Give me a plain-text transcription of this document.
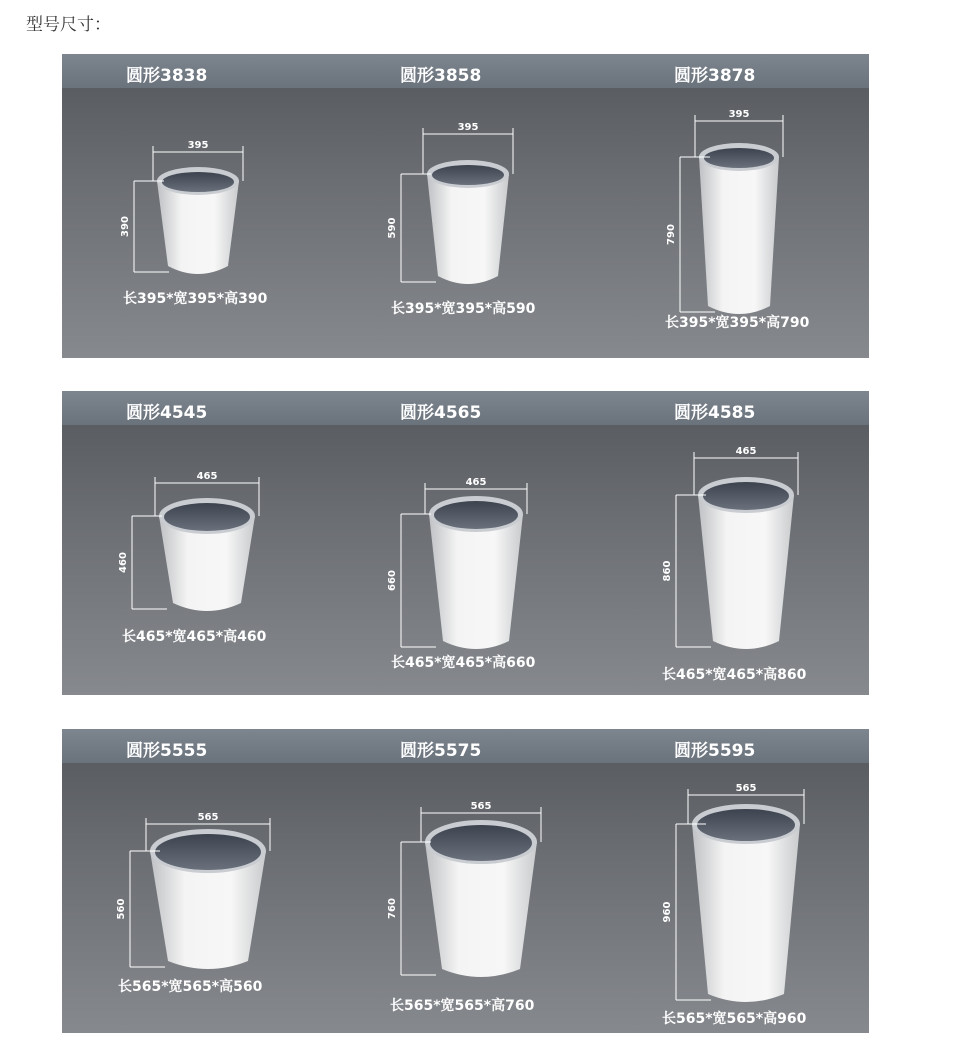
型号尺寸：
圆形3838	圆形3858	圆形3878
395
390
长395*宽395*高390
395
590
长395*宽395*高590
395
790
长395*宽395*高790
圆形4545	圆形4565	圆形4585
465
460
长465*宽465*高460
465
660
长465*宽465*高660
465
860
长465*宽465*高860
圆形5555	圆形5575	圆形5595
565
560
长565*宽565*高560
565
760
长565*宽565*高760
565
960
长565*宽565*高960
